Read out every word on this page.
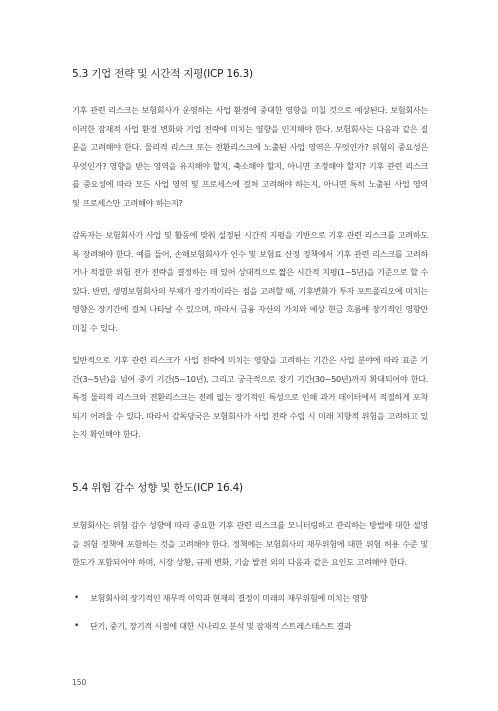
5.3 기업 전략 및 시간적 지평(ICP 16.3)

기후 관련 리스크는 보험회사가 운영하는 사업 환경에 중대한 영향을 미칠 것으로 예상된다. 보험회사는 이러한 잠재적 사업 환경 변화와 기업 전략에 미치는 영향을 인지해야 한다. 보험회사는 다음과 같은 질문을 고려해야 한다. 물리적 리스크 또는 전환리스크에 노출된 사업 영역은 무엇인가? 위험의 중요성은 무엇인가? 영향을 받는 영역을 유지해야 할지, 축소해야 할지, 아니면 조정해야 할지? 기후 관련 리스크를 중요성에 따라 모든 사업 영역 및 프로세스에 걸쳐 고려해야 하는지, 아니면 특히 노출된 사업 영역 및 프로세스만 고려해야 하는지?

감독자는 보험회사가 사업 및 활동에 맞춰 설정된 시간적 지평을 기반으로 기후 관련 리스크를 고려하도록 장려해야 한다. 예를 들어, 손해보험회사가 인수 및 보험료 산정 정책에서 기후 관련 리스크를 고려하거나 적절한 위험 전가 전략을 결정하는 데 있어 상대적으로 짧은 시간적 지평(1~5년)을 기준으로 할 수 있다. 반면, 생명보험회사의 부채가 장기적이라는 점을 고려할 때, 기후변화가 투자 포트폴리오에 미치는 영향은 장기간에 걸쳐 나타날 수 있으며, 따라서 금융 자산의 가치와 예상 현금 흐름에 장기적인 영향만 미칠 수 있다.

일반적으로 기후 관련 리스크가 사업 전략에 미치는 영향을 고려하는 기간은 사업 분야에 따라 표준 기간(3~5년)을 넘어 중기 기간(5~10년), 그리고 궁극적으로 장기 기간(30~50년)까지 확대되어야 한다. 특정 물리적 리스크와 전환리스크는 전례 없는 장기적인 특성으로 인해 과거 데이터에서 적절하게 포착되기 어려울 수 있다. 따라서 감독당국은 보험회사가 사업 전략 수립 시 미래 지향적 위험을 고려하고 있는지 확인해야 한다.

5.4 위험 감수 성향 및 한도(ICP 16.4)

보험회사는 위험 감수 성향에 따라 중요한 기후 관련 리스크를 모니터링하고 관리하는 방법에 대한 설명을 위험 정책에 포함하는 것을 고려해야 한다. 정책에는 보험회사의 재무위험에 대한 위험 허용 수준 및 한도가 포함되어야 하며, 시장 상황, 규제 변화, 기술 발전 외의 다음과 같은 요인도 고려해야 한다.

• 보험회사의 장기적인 재무적 이익과 현재의 결정이 미래의 재무위험에 미치는 영향
• 단기, 중기, 장기적 시점에 대한 시나리오 분석 및 잠재적 스트레스테스트 결과
150
